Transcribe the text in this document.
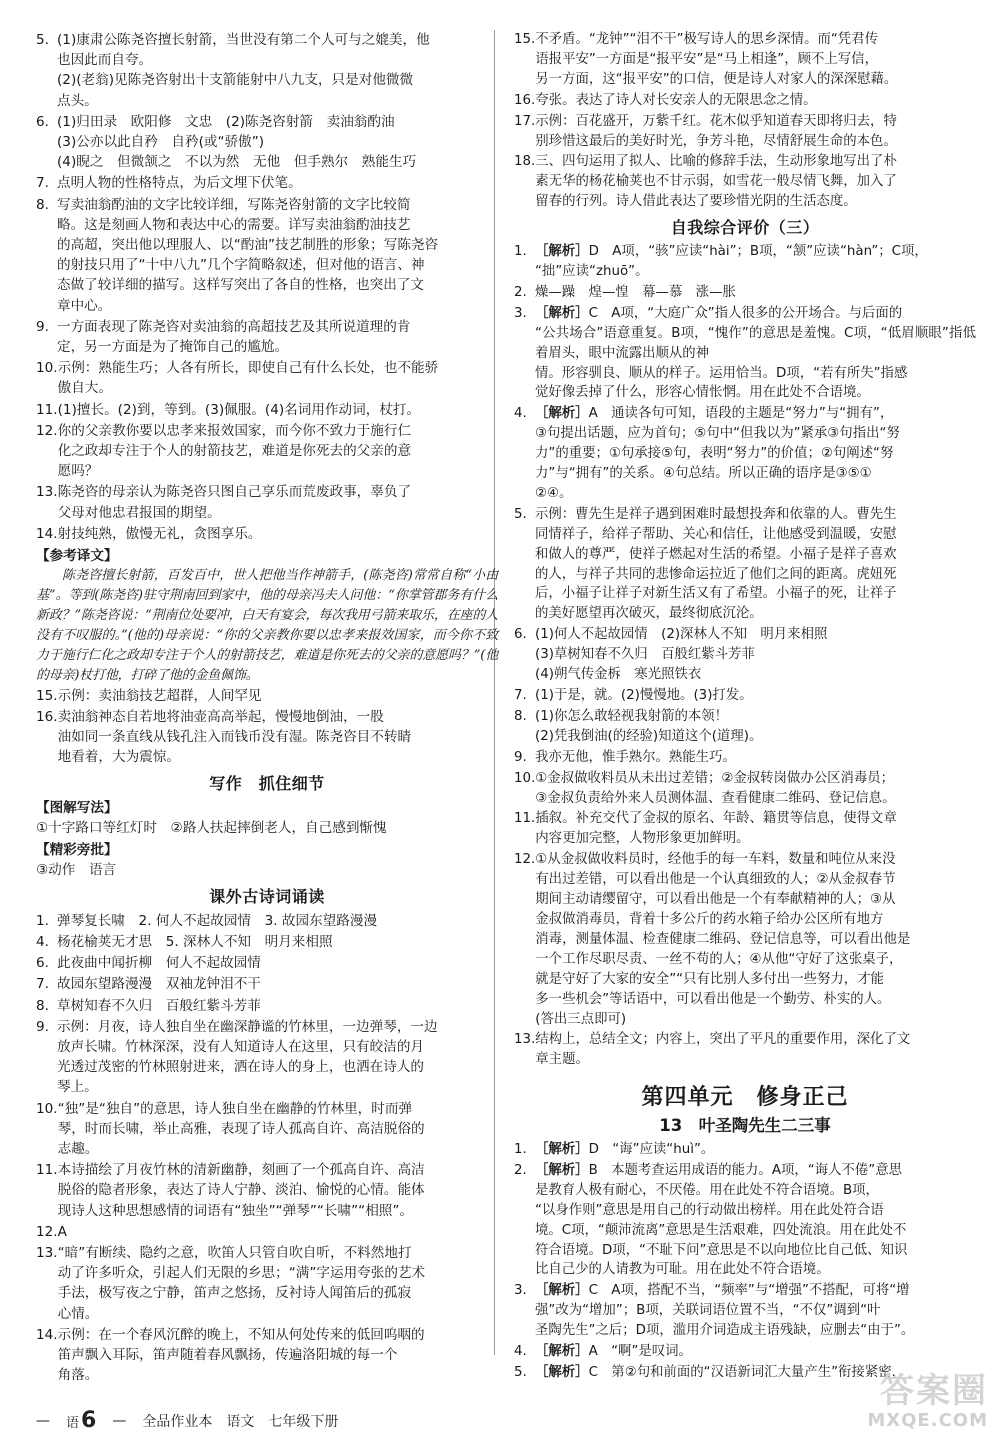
5. (1)康肃公陈尧咨擅长射箭，当世没有第二个人可与之媲美，他
也因此而自夸。
(2)(老翁)见陈尧咨射出十支箭能射中八九支，只是对他微微
点头。
6. (1)归田录　欧阳修　文忠　(2)陈尧咨射箭　卖油翁酌油
(3)公亦以此自矜　自矜(或“骄傲”)
(4)睨之　但微颔之　不以为然　无他　但手熟尔　熟能生巧
7. 点明人物的性格特点，为后文埋下伏笔。
8. 写卖油翁酌油的文字比较详细，写陈尧咨射箭的文字比较简
略。这是刻画人物和表达中心的需要。详写卖油翁酌油技艺
的高超，突出他以理服人、以“酌油”技艺制胜的形象；写陈尧咨
的射技只用了“十中八九”几个字简略叙述，但对他的语言、神
态做了较详细的描写。这样写突出了各自的性格，也突出了文
章中心。
9. 一方面表现了陈尧咨对卖油翁的高超技艺及其所说道理的肯
定，另一方面是为了掩饰自己的尴尬。
10. 示例：熟能生巧；人各有所长，即使自己有什么长处，也不能骄
傲自大。
11. (1)擅长。(2)到，等到。(3)佩服。(4)名词用作动词，杖打。
12. 你的父亲教你要以忠孝来报效国家，而今你不致力于施行仁
化之政却专注于个人的射箭技艺，难道是你死去的父亲的意
愿吗？
13. 陈尧咨的母亲认为陈尧咨只图自己享乐而荒废政事，辜负了
父母对他忠君报国的期望。
14. 射技纯熟，傲慢无礼，贪图享乐。
【参考译文】
陈尧咨擅长射箭，百发百中，世人把他当作神箭手，(陈尧咨)常常自称“小由基”。等到(陈尧咨)驻守荆南回到家中，他的母亲冯夫人问他：“你掌管郡务有什么新政？”陈尧咨说：“荆南位处要冲，白天有宴会，每次我用弓箭来取乐，在座的人没有不叹服的。”(他的)母亲说：“你的父亲教你要以忠孝来报效国家，而今你不致力于施行仁化之政却专注于个人的射箭技艺，难道是你死去的父亲的意愿吗？”(他的母亲)杖打他，打碎了他的金鱼佩饰。
15. 示例：卖油翁技艺超群，人间罕见
16. 卖油翁神态自若地将油壶高高举起，慢慢地倒油，一股
油如同一条直线从钱孔注入而钱币没有湿。陈尧咨目不转睛
地看着，大为震惊。
写作　抓住细节
【图解写法】
①十字路口等红灯时　②路人扶起摔倒老人，自己感到惭愧
【精彩旁批】
③动作　语言
课外古诗词诵读
1. 弹琴复长啸　2. 何人不起故园情　3. 故园东望路漫漫
4. 杨花榆荚无才思　5. 深林人不知　明月来相照
6. 此夜曲中闻折柳　何人不起故园情
7. 故园东望路漫漫　双袖龙钟泪不干
8. 草树知春不久归　百般红紫斗芳菲
9. 示例：月夜，诗人独自坐在幽深静谧的竹林里，一边弹琴，一边
放声长啸。竹林深深，没有人知道诗人在这里，只有皎洁的月
光透过茂密的竹林照射进来，洒在诗人的身上，也洒在诗人的
琴上。
10. “独”是“独自”的意思，诗人独自坐在幽静的竹林里，时而弹
琴，时而长啸，举止高雅，表现了诗人孤高自许、高洁脱俗的
志趣。
11. 本诗描绘了月夜竹林的清新幽静，刻画了一个孤高自许、高洁
脱俗的隐者形象，表达了诗人宁静、淡泊、愉悦的心情。能体
现诗人这种思想感情的词语有“独坐”“弹琴”“长啸”“相照”。
12. A
13. “暗”有断续、隐约之意，吹笛人只管自吹自听，不料然地打
动了许多听众，引起人们无限的乡思；“满”字运用夸张的艺术
手法，极写夜之宁静，笛声之悠扬，反衬诗人闻笛后的孤寂
心情。
14. 示例：在一个春风沉醉的晚上，不知从何处传来的低回呜咽的
笛声飘入耳际，笛声随着春风飘扬，传遍洛阳城的每一个
角落。
15. 不矛盾。“龙钟”“泪不干”极写诗人的思乡深情。而“凭君传
语报平安”一方面是“报平安”是“马上相逢”，顾不上写信，
另一方面，这“报平安”的口信，便是诗人对家人的深深慰藉。
16. 夸张。表达了诗人对长安亲人的无限思念之情。
17. 示例：百花盛开，万紫千红。花木似乎知道春天即将归去，特
别珍惜这最后的美好时光，争芳斗艳，尽情舒展生命的本色。
18. 三、四句运用了拟人、比喻的修辞手法，生动形象地写出了朴
素无华的杨花榆荚也不甘示弱，如雪花一般尽情飞舞，加入了
留春的行列。诗人借此表达了要珍惜光阴的生活态度。
自我综合评价（三）
1. ［解析］D　A项，“骇”应读“hài”；B项，“颔”应读“hàn”；C项，
“拙”应读“zhuō”。
2. 燥—躁　煌—惶　幕—慕　涨—胀
3. ［解析］C　A项，“大庭广众”指人很多的公开场合。与后面的
“公共场合”语意重复。B项，“愧作”的意思是羞愧。C项，“低眉顺眼”指低着眉头，眼中流露出顺从的神
情。形容驯良、顺从的样子。运用恰当。D项，“若有所失”指感
觉好像丢掉了什么，形容心情怅惘。用在此处不合语境。
4. ［解析］A　通读各句可知，语段的主题是“努力”与“拥有”，
③句提出话题，应为首句；⑤句中“但我以为”紧承③句指出“努
力”的重要；①句承接⑤句，表明“努力”的价值；②句阐述“努
力”与“拥有”的关系。④句总结。所以正确的语序是③⑤①
②④。
5. 示例：曹先生是祥子遇到困难时最想投奔和依靠的人。曹先生
同情祥子，给祥子帮助、关心和信任，让他感受到温暖，安慰
和做人的尊严，使祥子燃起对生活的希望。小福子是祥子喜欢
的人，与祥子共同的悲惨命运拉近了他们之间的距离。虎妞死
后，小福子让祥子对新生活又有了希望。小福子的死，让祥子
的美好愿望再次破灭，最终彻底沉沦。
6. (1)何人不起故园情　(2)深林人不知　明月来相照
(3)草树知春不久归　百般红紫斗芳菲
(4)朔气传金柝　寒光照铁衣
7. (1)于是，就。(2)慢慢地。(3)打发。
8. (1)你怎么敢轻视我射箭的本领！
(2)凭我倒油(的经验)知道这个(道理)。
9. 我亦无他，惟手熟尔。熟能生巧。
10. ①金叔做收料员从未出过差错；②金叔转岗做办公区消毒员；
③金叔负责给外来人员测体温、查看健康二维码、登记信息。
11. 插叙。补充交代了金叔的原名、年龄、籍贯等信息，使得文章
内容更加完整，人物形象更加鲜明。
12. ①从金叔做收料员时，经他手的每一车料，数量和吨位从来没
有出过差错，可以看出他是一个认真细致的人；②从金叔春节
期间主动请缨留守，可以看出他是一个有奉献精神的人；③从
金叔做消毒员，背着十多公斤的药水箱子给办公区所有地方
消毒，测量体温、检查健康二维码、登记信息等，可以看出他是
一个工作尽职尽责、一丝不苟的人；④从他“守好了这张桌子，
就是守好了大家的安全”“只有比别人多付出一些努力，才能
多一些机会”等话语中，可以看出他是一个勤劳、朴实的人。
(答出三点即可)
13. 结构上，总结全文；内容上，突出了平凡的重要作用，深化了文
章主题。
第四单元　修身正己
13　叶圣陶先生二三事
1. ［解析］D　“诲”应读“huì”。
2. ［解析］B　本题考查运用成语的能力。A项，“诲人不倦”意思
是教育人极有耐心，不厌倦。用在此处不符合语境。B项，
“以身作则”意思是用自己的行动做出榜样。用在此处符合语
境。C项，“颠沛流离”意思是生活艰难，四处流浪。用在此处不
符合语境。D项，“不耻下问”意思是不以向地位比自己低、知识
比自己少的人请教为可耻。用在此处不符合语境。
3. ［解析］C　A项，搭配不当，“频率”与“增强”不搭配，可将“增
强”改为“增加”；B项，关联词语位置不当，“不仅”调到“叶
圣陶先生”之后；D项，滥用介词造成主语残缺，应删去“由于”。
4. ［解析］A　“啊”是叹词。
5. ［解析］C　第②句和前面的“汉语新词汇大量产生”衔接紧密，
— 语6 — 全品作业本　语文　七年级下册
答案圈
MXQE.COM
